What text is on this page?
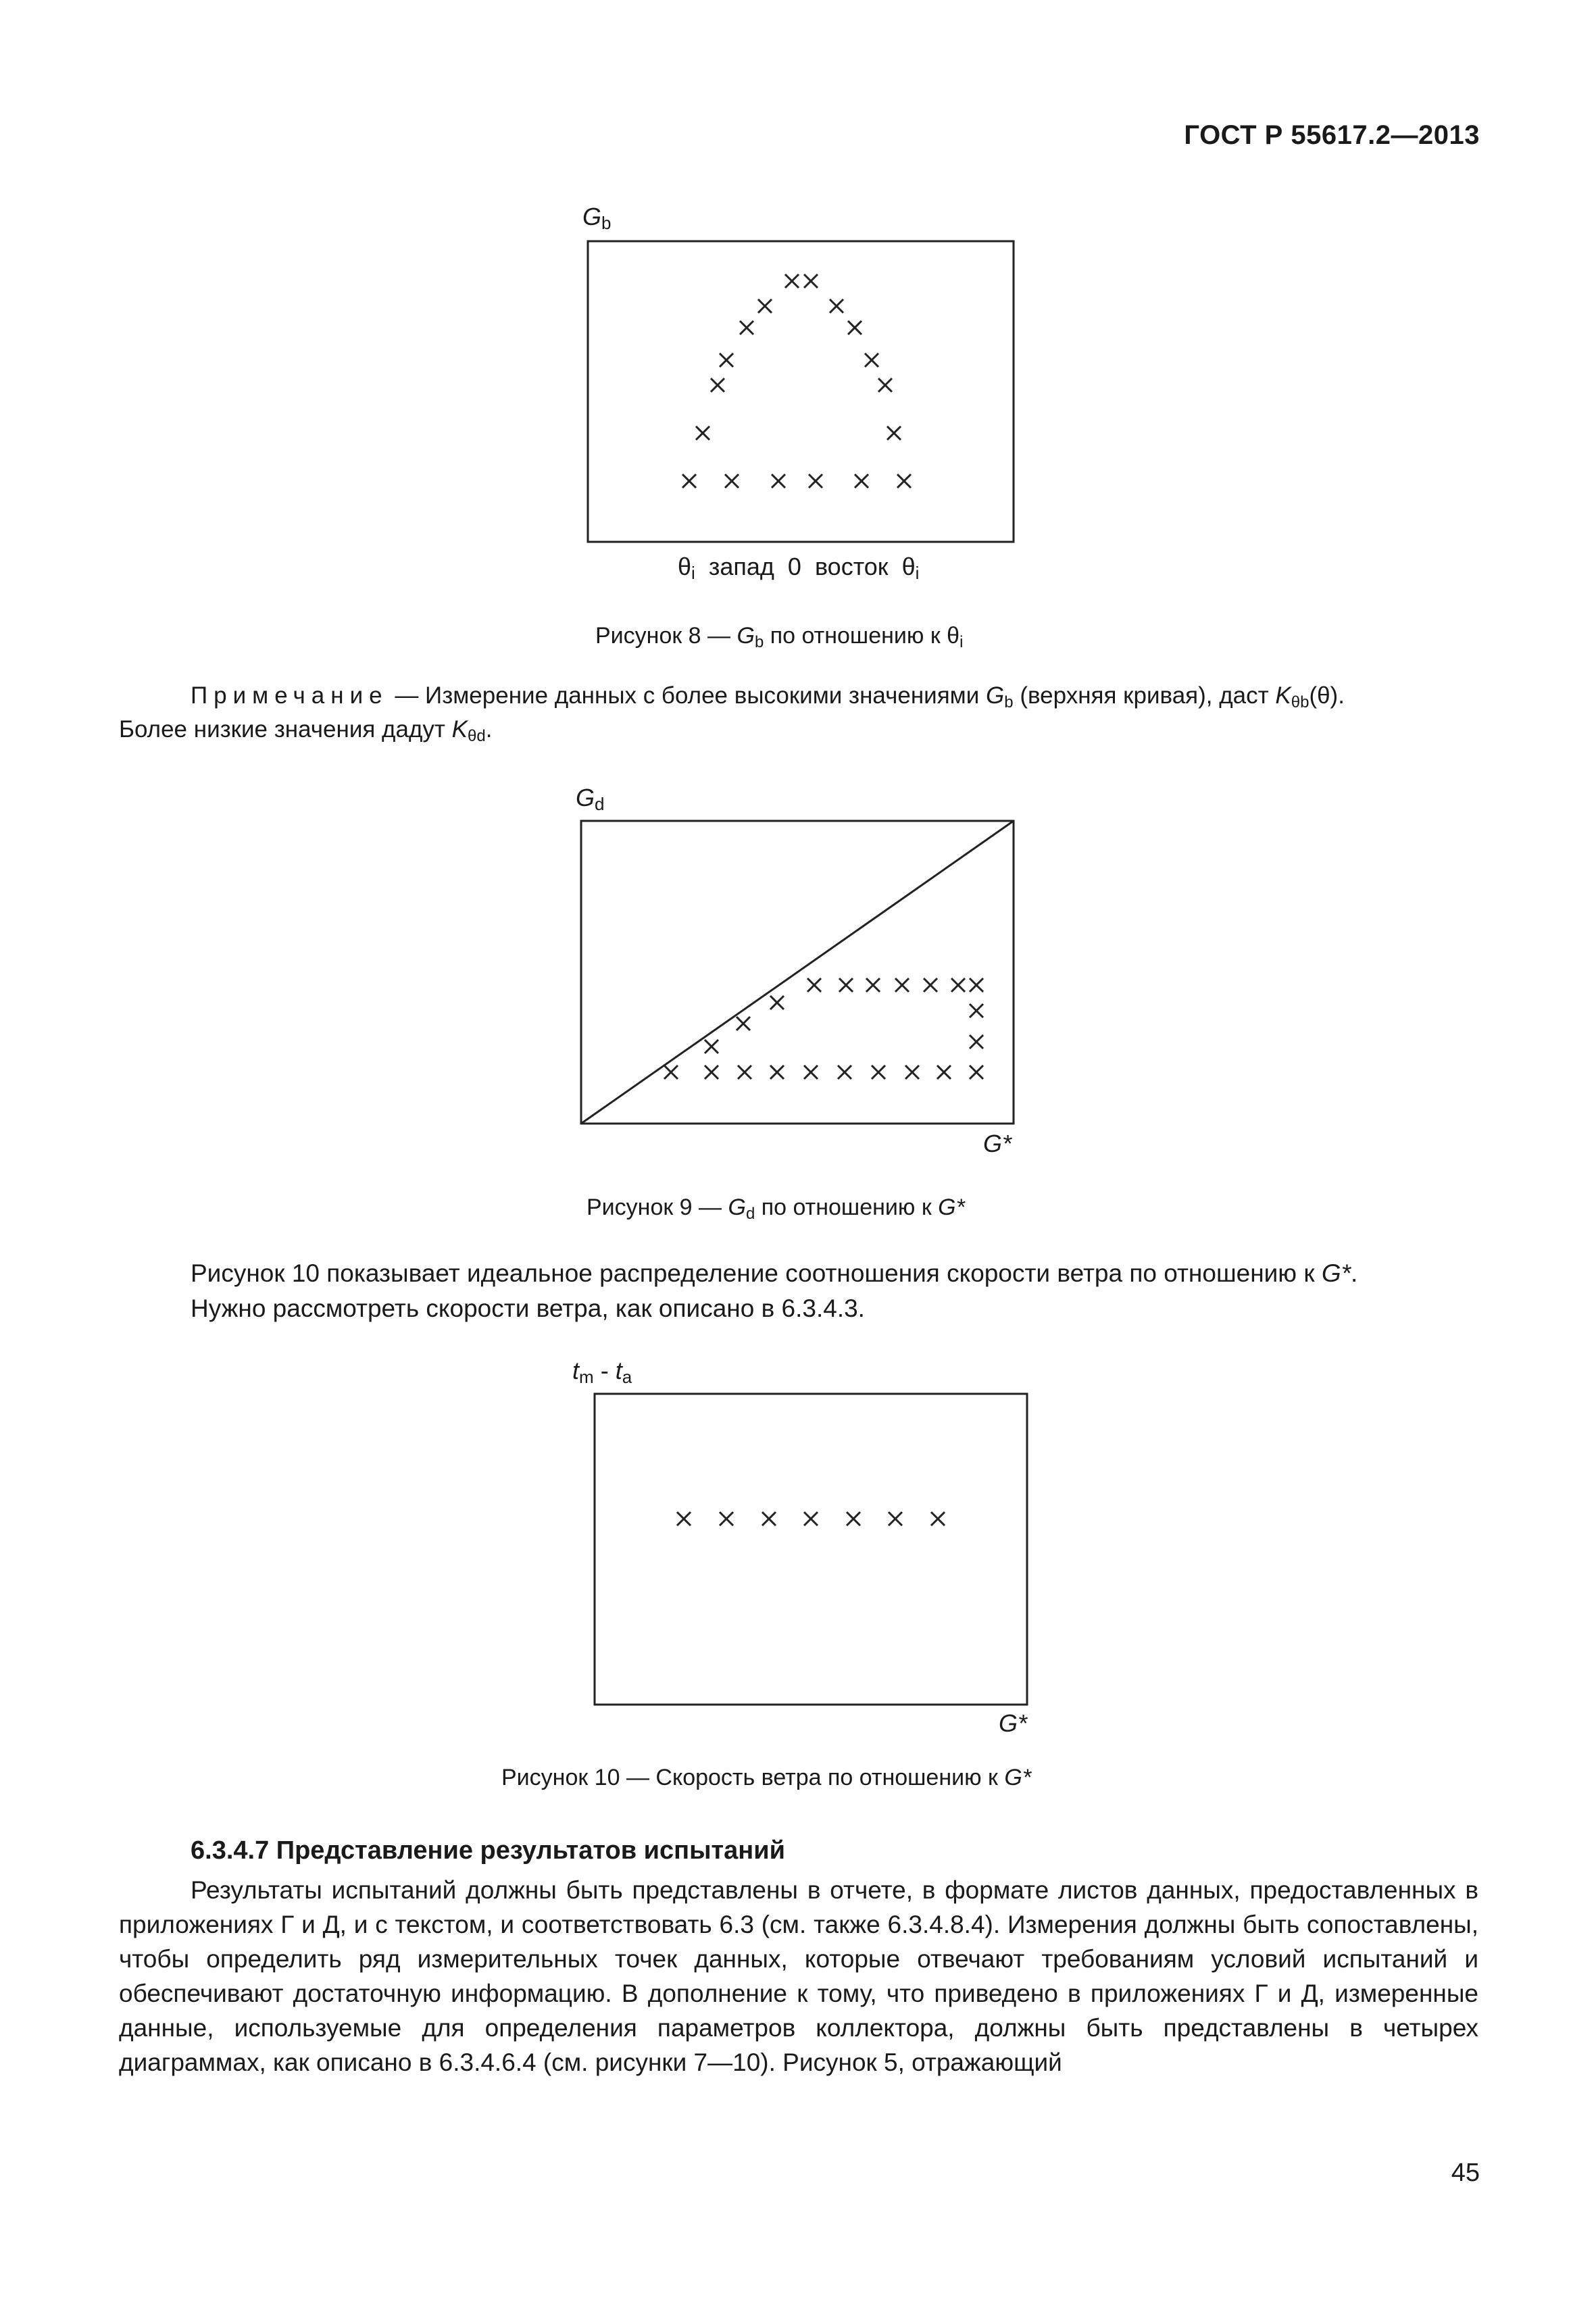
ГОСТ Р 55617.2—2013
$G_b$
$\theta_i$ запад 0 восток $\theta_i$
Рисунок 8 — $G_b$ по отношению к $\theta_i$
Примечание — Измерение данных с более высокими значениями $G_b$ (верхняя кривая), даст $K_{\theta b}(\theta)$.
Более низкие значения дадут $K_{\theta d}$.
$G_d$
G*
Рисунок 9 — $G_d$ по отношению к G*
Рисунок 10 показывает идеальное распределение соотношения скорости ветра по отношению к G*.
Нужно рассмотреть скорости ветра, как описано в 6.3.4.3.
$t_m - t_a$
G*
Рисунок 10 — Скорость ветра по отношению к G*
6.3.4.7 Представление результатов испытаний
Результаты испытаний должны быть представлены в отчете, в формате листов данных, предоставленных в приложениях Г и Д, и с текстом, и соответствовать 6.3 (см. также 6.3.4.8.4). Измерения должны быть сопоставлены, чтобы определить ряд измерительных точек данных, которые отвечают требованиям условий испытаний и обеспечивают достаточную информацию. В дополнение к тому, что приведено в приложениях Г и Д, измеренные данные, используемые для определения параметров коллектора, должны быть представлены в четырех диаграммах, как описано в 6.3.4.6.4 (см. рисунки 7—10). Рисунок 5, отражающий
45
